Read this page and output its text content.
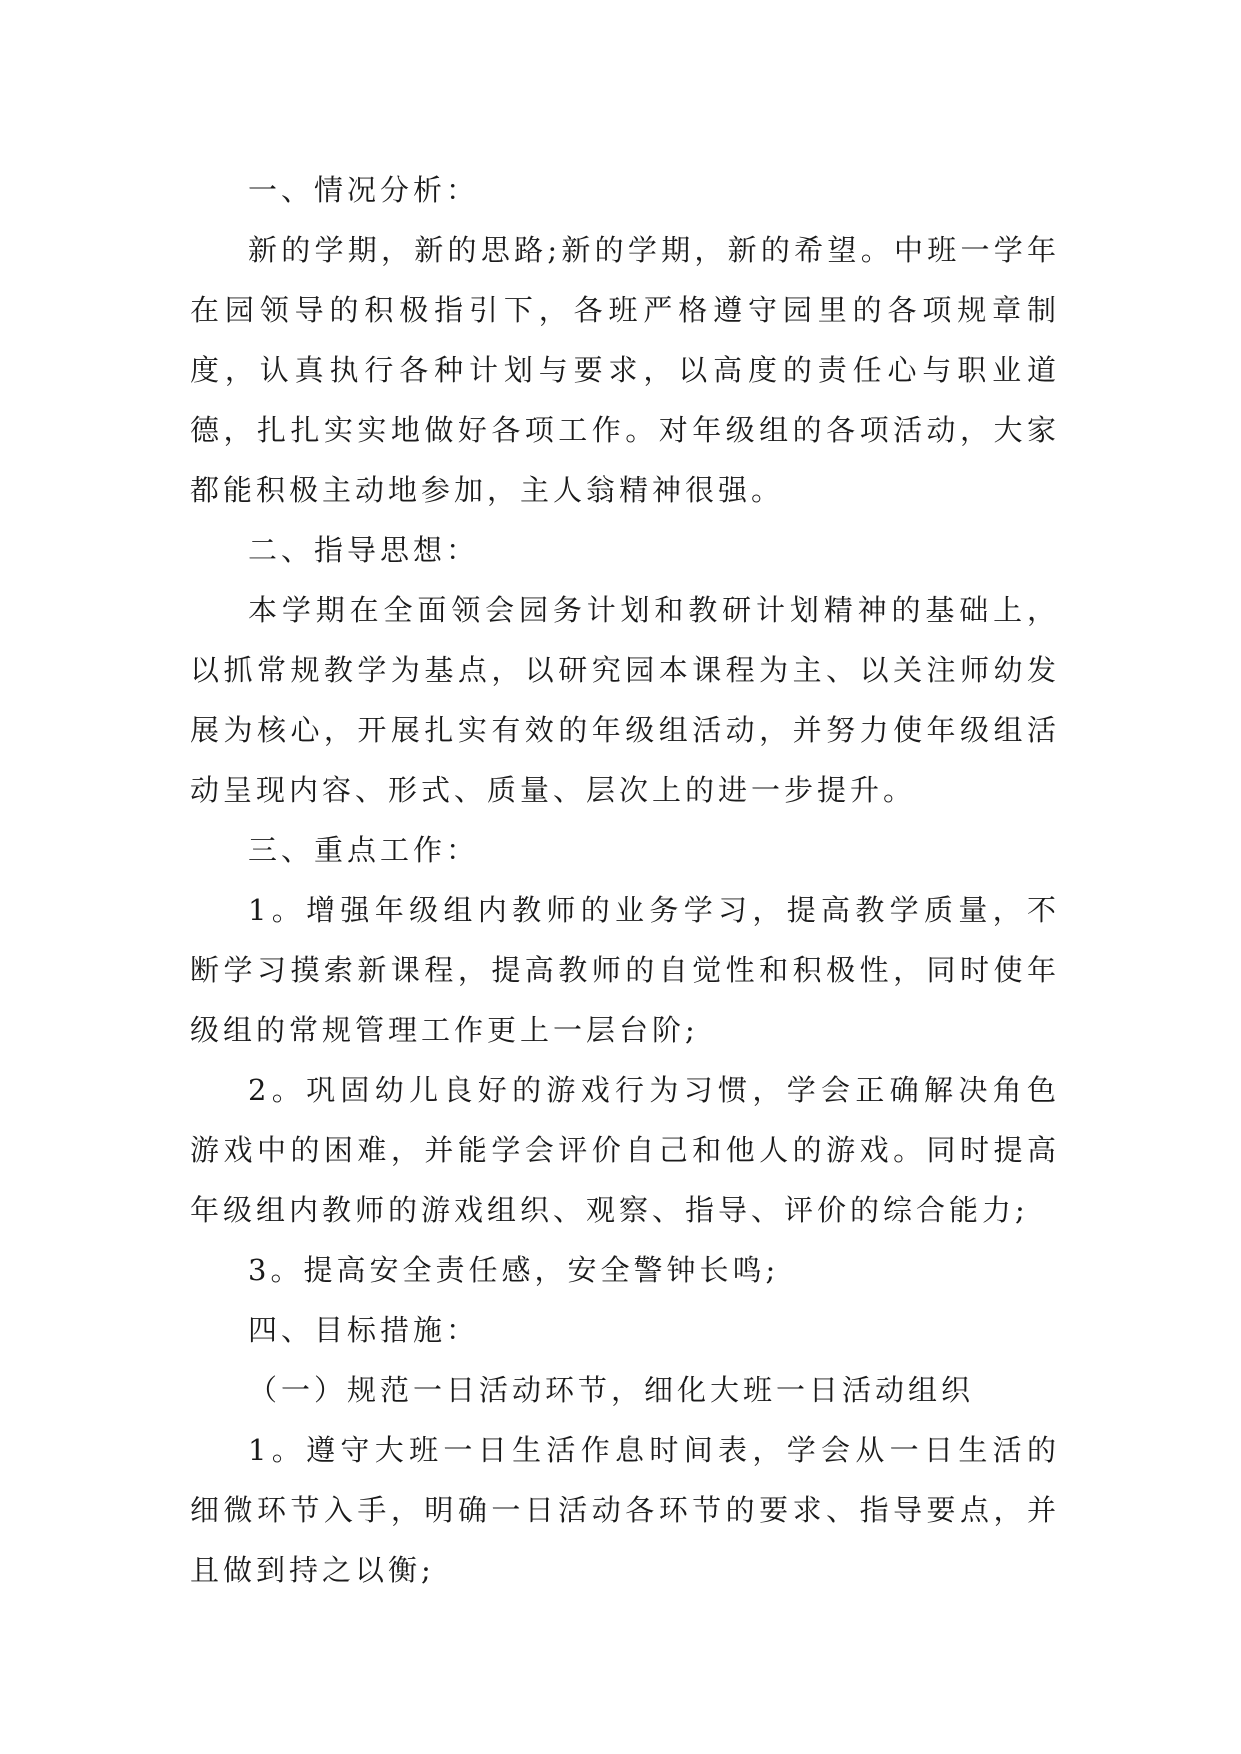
一、情况分析：

新的学期，新的思路;新的学期，新的希望。中班一学年在园领导的积极指引下，各班严格遵守园里的各项规章制度，认真执行各种计划与要求，以高度的责任心与职业道德，扎扎实实地做好各项工作。对年级组的各项活动，大家都能积极主动地参加，主人翁精神很强。

二、指导思想：

本学期在全面领会园务计划和教研计划精神的基础上，以抓常规教学为基点，以研究园本课程为主、以关注师幼发展为核心，开展扎实有效的年级组活动，并努力使年级组活动呈现内容、形式、质量、层次上的进一步提升。

三、重点工作：

1。增强年级组内教师的业务学习，提高教学质量，不断学习摸索新课程，提高教师的自觉性和积极性，同时使年级组的常规管理工作更上一层台阶;

2。巩固幼儿良好的游戏行为习惯，学会正确解决角色游戏中的困难，并能学会评价自己和他人的游戏。同时提高年级组内教师的游戏组织、观察、指导、评价的综合能力;

3。提高安全责任感，安全警钟长鸣;

四、目标措施：

（一）规范一日活动环节，细化大班一日活动组织

1。遵守大班一日生活作息时间表，学会从一日生活的细微环节入手，明确一日活动各环节的要求、指导要点，并且做到持之以衡;
